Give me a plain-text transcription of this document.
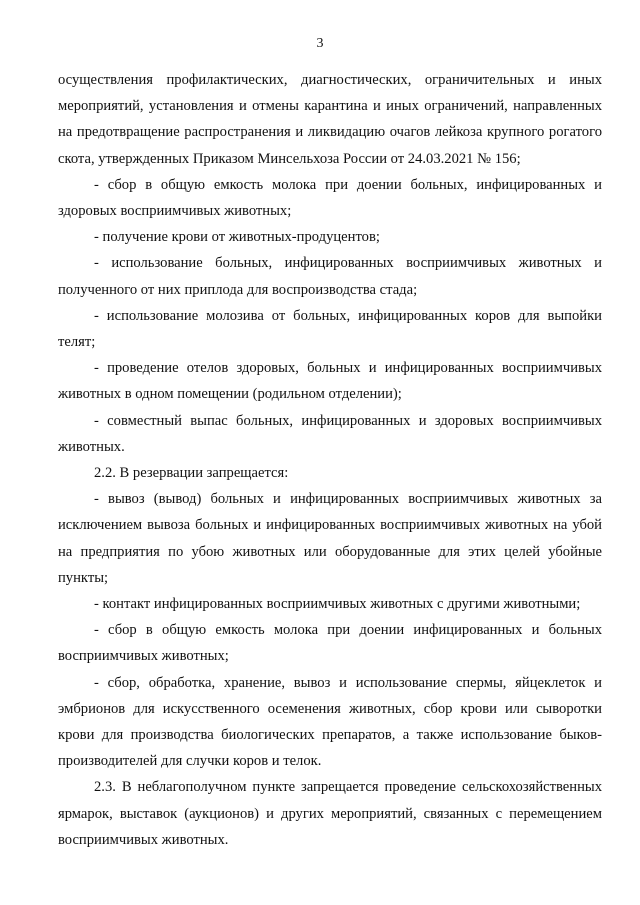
3

осуществления профилактических, диагностических, ограничительных и иных мероприятий, установления и отмены карантина и иных ограничений, направленных на предотвращение распространения и ликвидацию очагов лейкоза крупного рогатого скота, утвержденных Приказом Минсельхоза России от 24.03.2021 № 156;

- сбор в общую емкость молока при доении больных, инфицированных и здоровых восприимчивых животных;

- получение крови от животных-продуцентов;

- использование больных, инфицированных восприимчивых животных и полученного от них приплода для воспроизводства стада;

- использование молозива от больных, инфицированных коров для выпойки телят;

- проведение отелов здоровых, больных и инфицированных восприимчивых животных в одном помещении (родильном отделении);

- совместный выпас больных, инфицированных и здоровых восприимчивых животных.

2.2. В резервации запрещается:

- вывоз (вывод) больных и инфицированных восприимчивых животных за исключением вывоза больных и инфицированных восприимчивых животных на убой на предприятия по убою животных или оборудованные для этих целей убойные пункты;

- контакт инфицированных восприимчивых животных с другими животными;

- сбор в общую емкость молока при доении инфицированных и больных восприимчивых животных;

- сбор, обработка, хранение, вывоз и использование спермы, яйцеклеток и эмбрионов для искусственного осеменения животных, сбор крови или сыворотки крови для производства биологических препаратов, а также использование быков-производителей для случки коров и телок.

2.3. В неблагополучном пункте запрещается проведение сельскохозяйственных ярмарок, выставок (аукционов) и других мероприятий, связанных с перемещением восприимчивых животных.
